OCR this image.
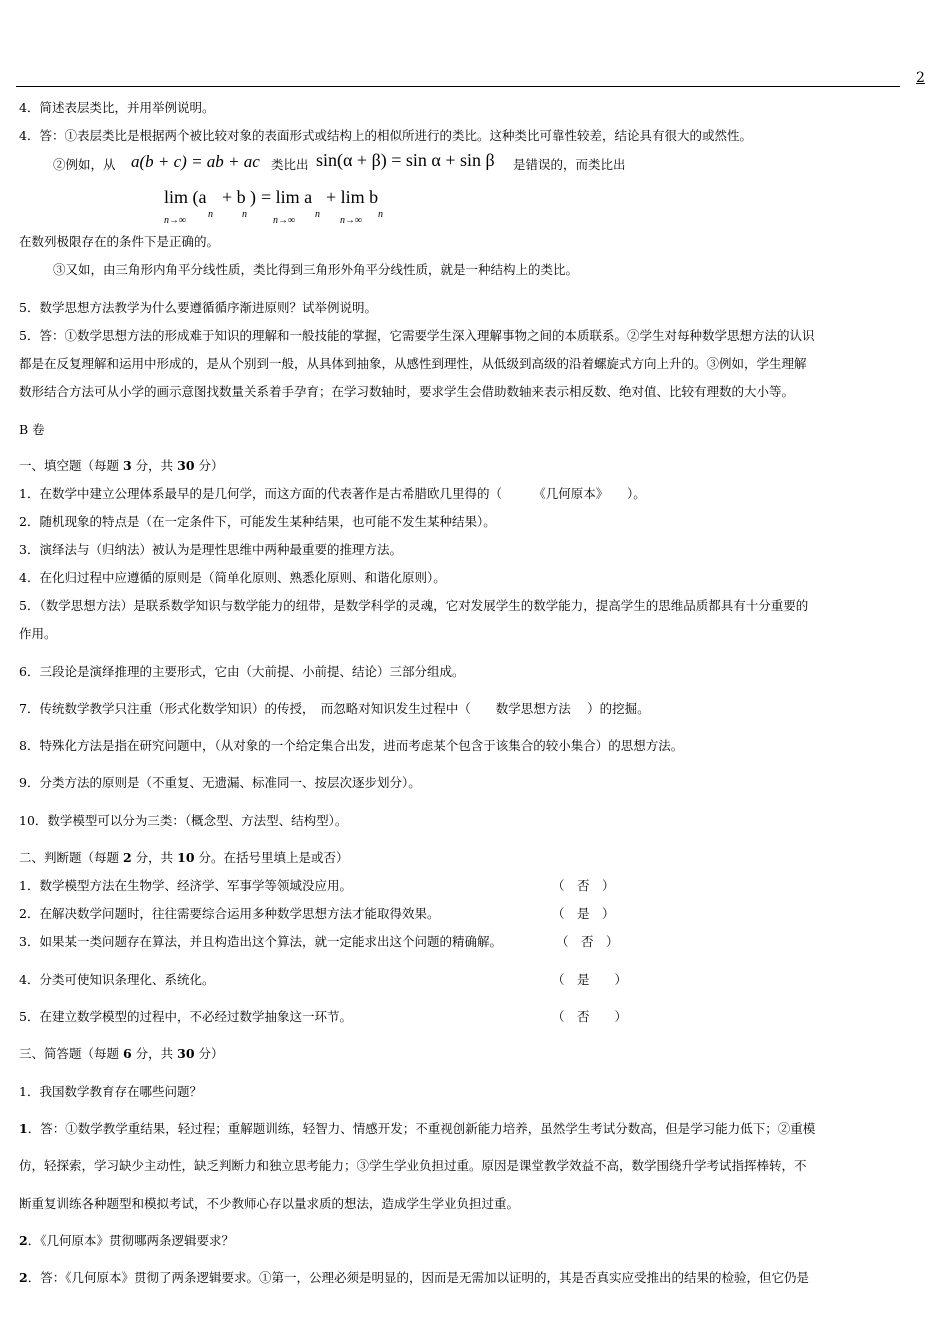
2
4．简述表层类比，并用举例说明。
4．答：①表层类比是根据两个被比较对象的表面形式或结构上的相似所进行的类比。这种类比可靠性较差，结论具有很大的或然性。
②例如，从 a(b + c) = ab + ac 类比出 sin(α + β) = sin α + sin β 是错误的，而类比出
lim (a
n
+ b
n
) = lim a
n
+ lim b
n
n→∞	n→∞	n→∞
在数列极限存在的条件下是正确的。
③又如，由三角形内角平分线性质，类比得到三角形外角平分线性质，就是一种结构上的类比。
5．数学思想方法教学为什么要遵循循序渐进原则？试举例说明。
5．答：①数学思想方法的形成难于知识的理解和一般技能的掌握，它需要学生深入理解事物之间的本质联系。②学生对每种数学思想方法的认识
都是在反复理解和运用中形成的，是从个别到一般，从具体到抽象，从感性到理性，从低级到高级的沿着螺旋式方向上升的。③例如，学生理解
数形结合方法可从小学的画示意图找数量关系着手孕育；在学习数轴时，要求学生会借助数轴来表示相反数、绝对值、比较有理数的大小等。
B 卷
一、填空题（每题 3 分，共 30 分）
1．在数学中建立公理体系最早的是几何学，而这方面的代表著作是古希腊欧几里得的（　　　《几何原本》　　）。
2．随机现象的特点是（在一定条件下，可能发生某种结果，也可能不发生某种结果）。
3．演绎法与（归纳法）被认为是理性思维中两种最重要的推理方法。
4．在化归过程中应遵循的原则是（简单化原则、熟悉化原则、和谐化原则）。
5．（数学思想方法）是联系数学知识与数学能力的纽带，是数学科学的灵魂，它对发展学生的数学能力，提高学生的思维品质都具有十分重要的
作用。
6．三段论是演绎推理的主要形式，它由（大前提、小前提、结论）三部分组成。
7．传统数学教学只注重（形式化数学知识）的传授，　而忽略对知识发生过程中（　　数学思想方法　 ）的挖掘。
8．特殊化方法是指在研究问题中，（从对象的一个给定集合出发，进而考虑某个包含于该集合的较小集合）的思想方法。
9．分类方法的原则是（不重复、无遗漏、标准同一、按层次逐步划分）。
10．数学模型可以分为三类：（概念型、方法型、结构型）。
二、判断题（每题 2 分，共 10 分。在括号里填上是或否）
1．数学模型方法在生物学、经济学、军事学等领域没应用。	（　否　）
2．在解决数学问题时，往往需要综合运用多种数学思想方法才能取得效果。	（　是　）
3．如果某一类问题存在算法，并且构造出这个算法，就一定能求出这个问题的精确解。	（　否　）
4．分类可使知识条理化、系统化。	（　是　　）
5．在建立数学模型的过程中，不必经过数学抽象这一环节。	（　否　　）
三、简答题（每题 6 分，共 30 分）
1．我国数学教育存在哪些问题？
1．答：①数学教学重结果，轻过程；重解题训练，轻智力、情感开发；不重视创新能力培养，虽然学生考试分数高，但是学习能力低下；②重模
仿，轻探索，学习缺少主动性，缺乏判断力和独立思考能力；③学生学业负担过重。原因是课堂教学效益不高，数学围绕升学考试指挥棒转，不
断重复训练各种题型和模拟考试，不少教师心存以量求质的想法，造成学生学业负担过重。
2．《几何原本》贯彻哪两条逻辑要求？
2．答：《几何原本》贯彻了两条逻辑要求。①第一，公理必须是明显的，因而是无需加以证明的，其是否真实应受推出的结果的检验，但它仍是
